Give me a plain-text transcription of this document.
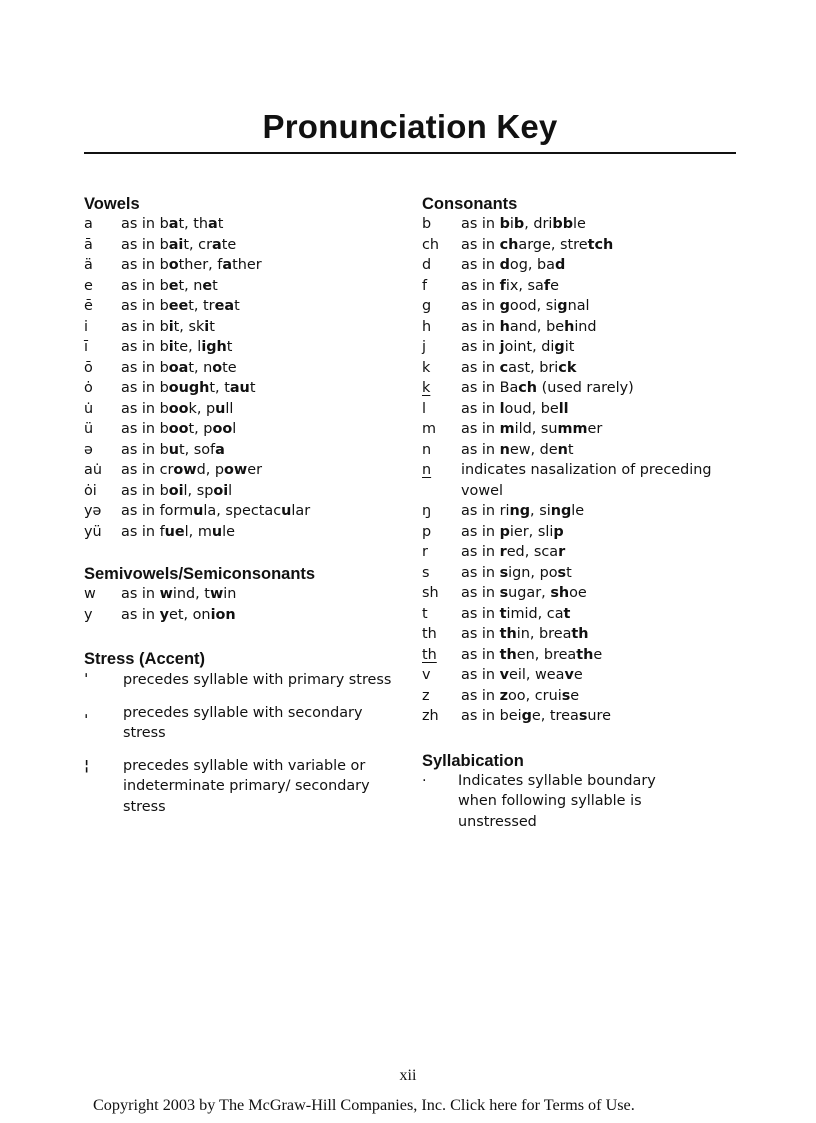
Pronunciation Key
Vowels
a	as in bat, that
ā	as in bait, crate
ä	as in bother, father
e	as in bet, net
ē	as in beet, treat
i	as in bit, skit
ī	as in bite, light
ō	as in boat, note
ȯ	as in bought, taut
u̇	as in book, pull
ü	as in boot, pool
ə	as in but, sofa
au̇	as in crowd, power
ȯi	as in boil, spoil
yə	as in formula, spectacular
yü	as in fuel, mule
Semivowels/Semiconsonants
w	as in wind, twin
y	as in yet, onion
Stress (Accent)
ˈ	precedes syllable with primary stress
ˌ	precedes syllable with secondary stress
¦	precedes syllable with variable or indeterminate primary/ secondary stress
Consonants
b	as in bib, dribble
ch	as in charge, stretch
d	as in dog, bad
f	as in fix, safe
g	as in good, signal
h	as in hand, behind
j	as in joint, digit
k	as in cast, brick
k	as in Bach (used rarely)
l	as in loud, bell
m	as in mild, summer
n	as in new, dent
n	indicates nasalization of preceding vowel
ŋ	as in ring, single
p	as in pier, slip
r	as in red, scar
s	as in sign, post
sh	as in sugar, shoe
t	as in timid, cat
th	as in thin, breath
th	as in then, breathe
v	as in veil, weave
z	as in zoo, cruise
zh	as in beige, treasure
Syllabication
·	Indicates syllable boundary when following syllable is unstressed
xii
Copyright 2003 by The McGraw-Hill Companies, Inc. Click here for Terms of Use.
